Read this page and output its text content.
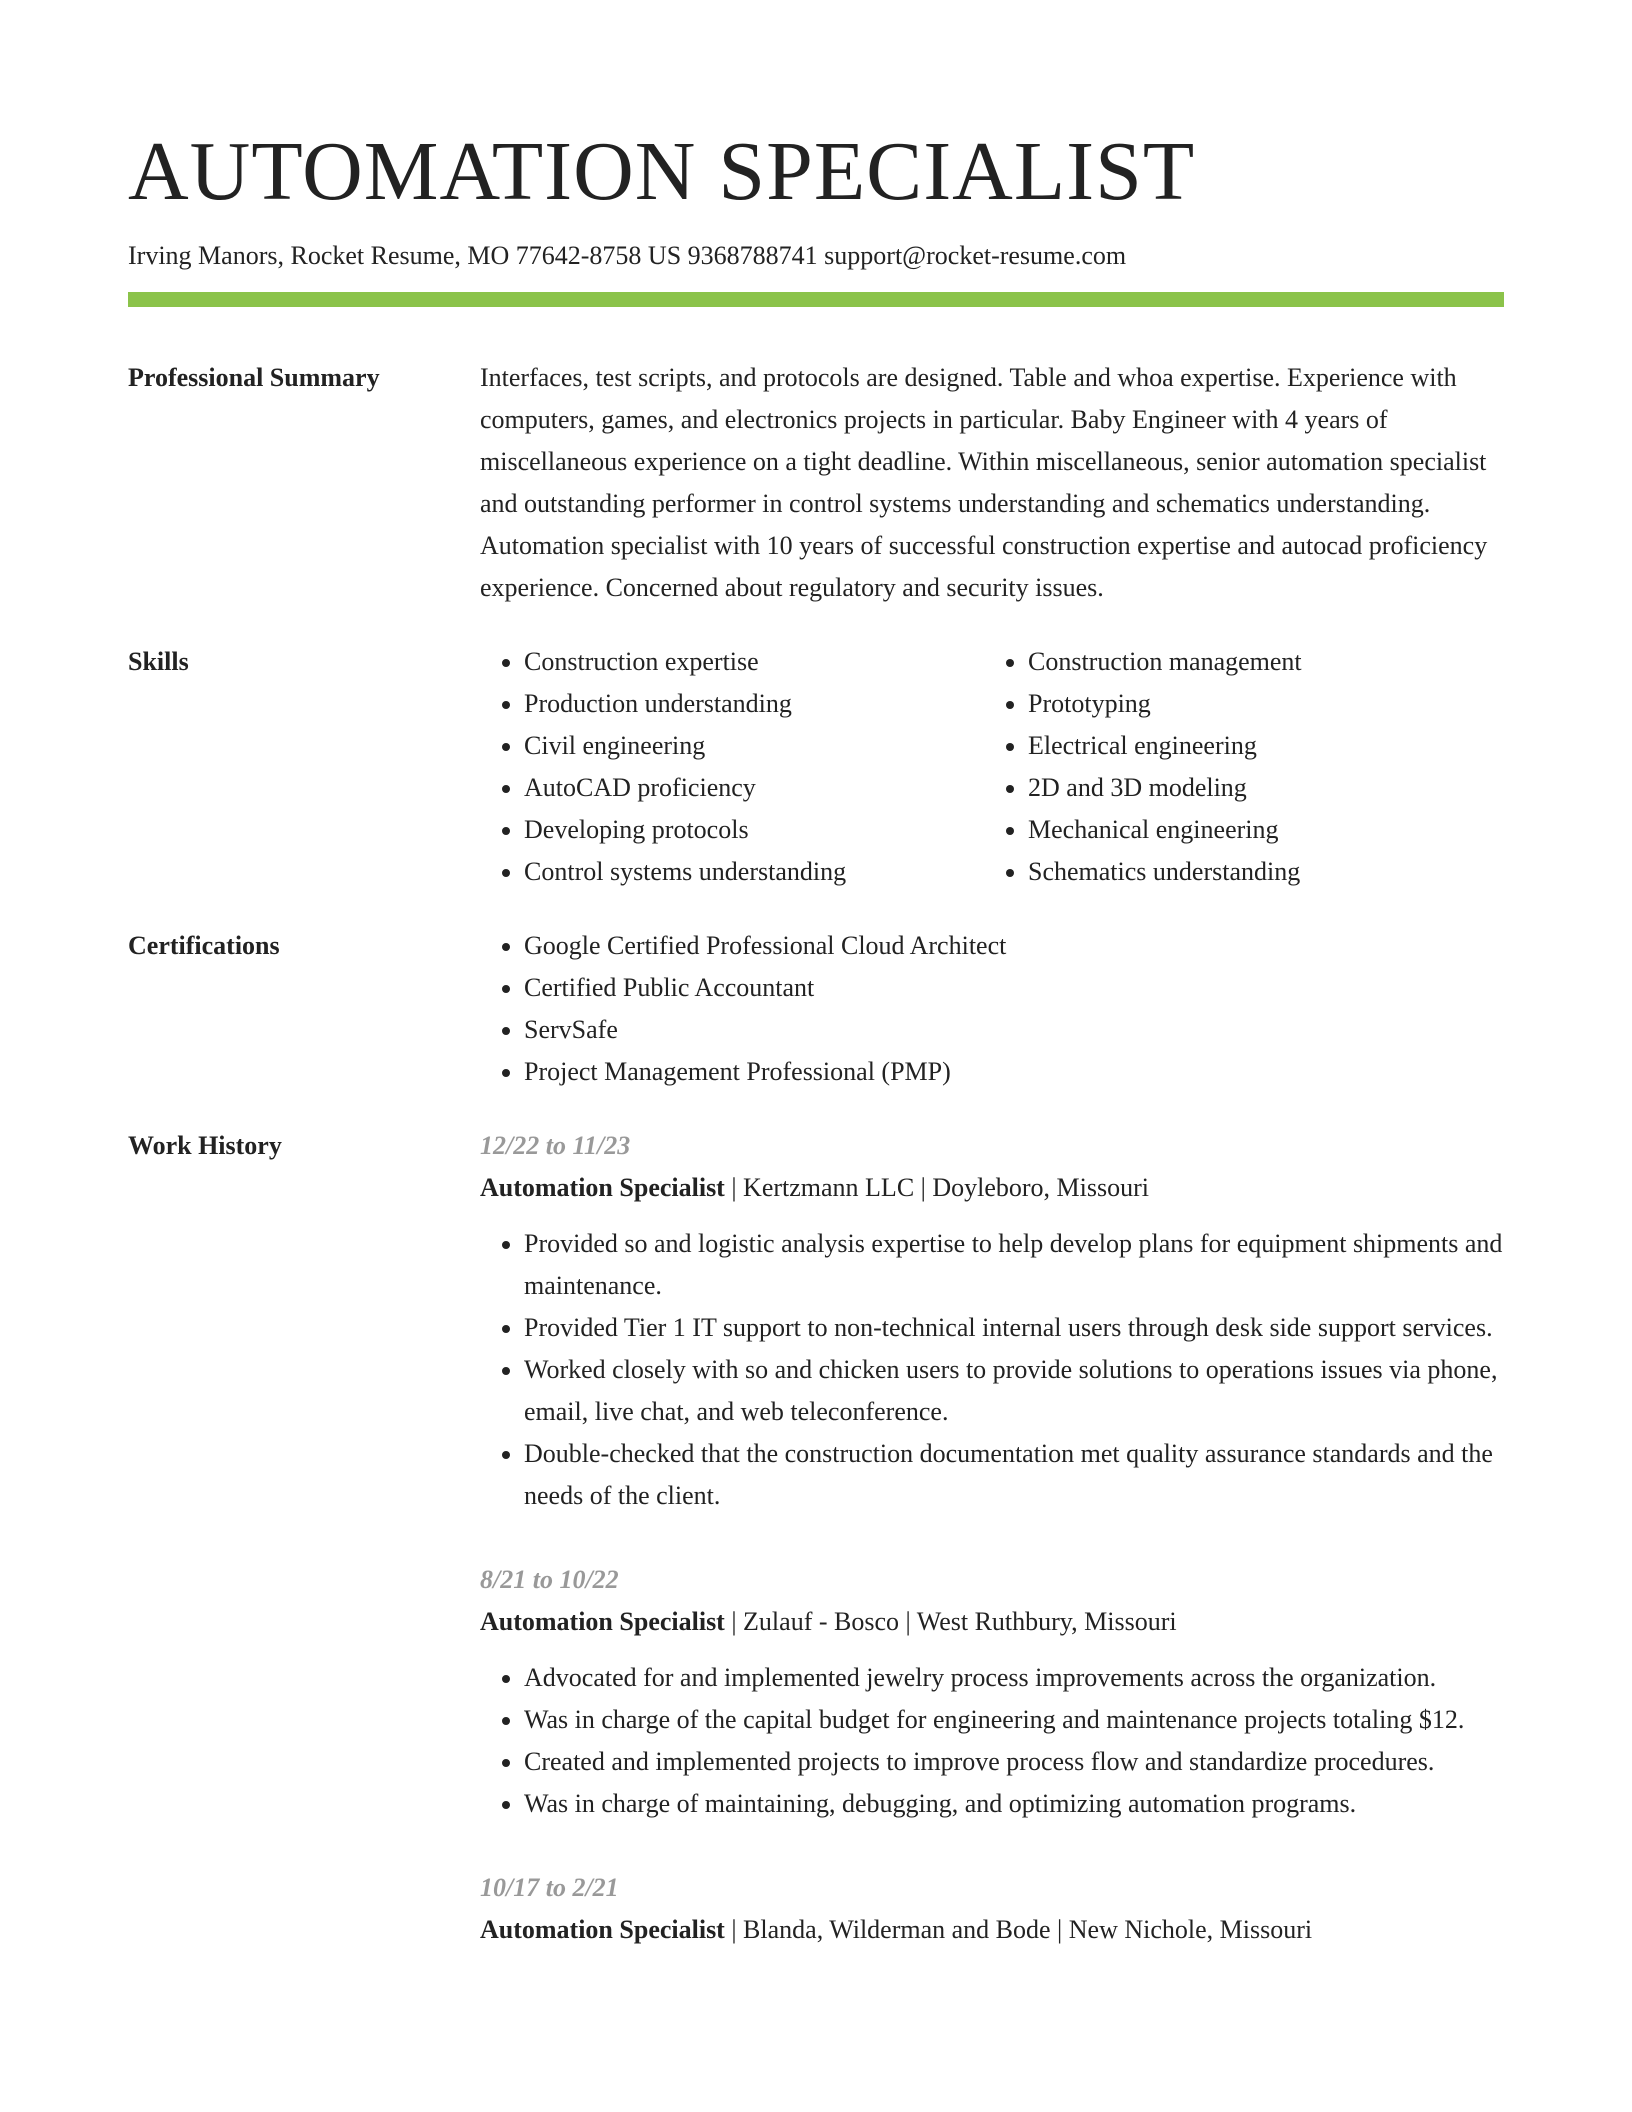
AUTOMATION SPECIALIST
Irving Manors, Rocket Resume, MO 77642-8758 US 9368788741 support@rocket-resume.com
Professional Summary	Interfaces, test scripts, and protocols are designed. Table and whoa expertise. Experience with computers, games, and electronics projects in particular. Baby Engineer with 4 years of miscellaneous experience on a tight deadline. Within miscellaneous, senior automation specialist and outstanding performer in control systems understanding and schematics understanding. Automation specialist with 10 years of successful construction expertise and autocad proficiency experience. Concerned about regulatory and security issues.

Skills	• Construction expertise
• Production understanding
• Civil engineering
• AutoCAD proficiency
• Developing protocols
• Control systems understanding
• Construction management
• Prototyping
• Electrical engineering
• 2D and 3D modeling
• Mechanical engineering
• Schematics understanding
Certifications	• Google Certified Professional Cloud Architect
• Certified Public Accountant
• ServSafe
• Project Management Professional (PMP)
Work History	12/22 to 11/23
Automation Specialist | Kertzmann LLC | Doyleboro, Missouri
• Provided so and logistic analysis expertise to help develop plans for equipment shipments and maintenance.
• Provided Tier 1 IT support to non-technical internal users through desk side support services.
• Worked closely with so and chicken users to provide solutions to operations issues via phone, email, live chat, and web teleconference.
• Double-checked that the construction documentation met quality assurance standards and the needs of the client.
8/21 to 10/22
Automation Specialist | Zulauf - Bosco | West Ruthbury, Missouri
• Advocated for and implemented jewelry process improvements across the organization.
• Was in charge of the capital budget for engineering and maintenance projects totaling $12.
• Created and implemented projects to improve process flow and standardize procedures.
• Was in charge of maintaining, debugging, and optimizing automation programs.
10/17 to 2/21
Automation Specialist | Blanda, Wilderman and Bode | New Nichole, Missouri
